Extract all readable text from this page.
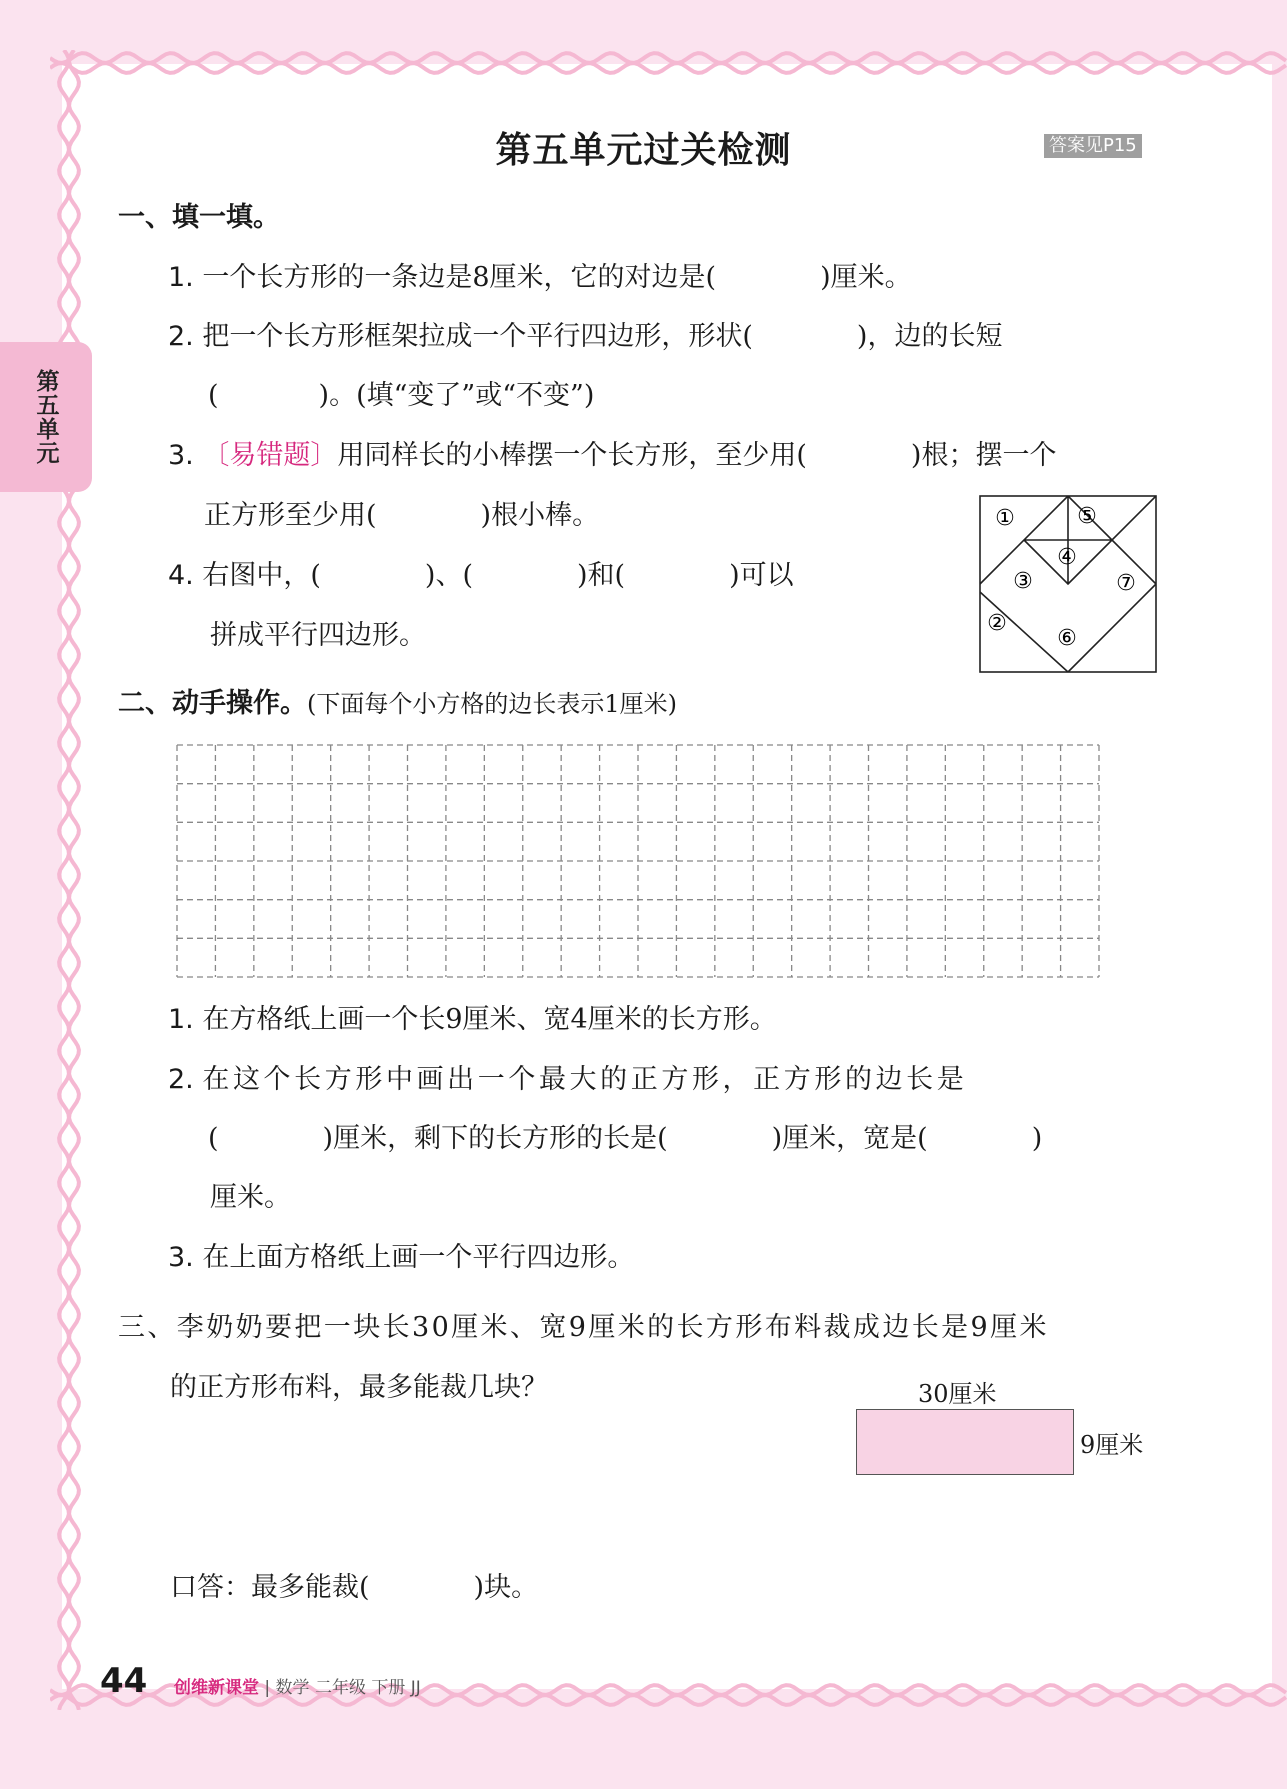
第五单元
第五单元过关检测	答案见P15
一、填一填。
1. 一个长方形的一条边是8厘米，它的对边是(	)厘米。
2. 把一个长方形框架拉成一个平行四边形，形状(	)，边的长短
(	)。(填“变了”或“不变”)
3. 〔易错题〕用同样长的小棒摆一个长方形，至少用(	)根；摆一个
正方形至少用(	)根小棒。
4. 右图中，(	)、(	)和(	)可以
拼成平行四边形。
①
②
③
④
⑤
⑥
⑦
二、动手操作。(下面每个小方格的边长表示1厘米)
1. 在方格纸上画一个长9厘米、宽4厘米的长方形。
2. 在这个长方形中画出一个最大的正方形，正方形的边长是
(	)厘米，剩下的长方形的长是(	)厘米，宽是(	)
厘米。
3. 在上面方格纸上画一个平行四边形。
三、李奶奶要把一块长30厘米、宽9厘米的长方形布料裁成边长是9厘米
的正方形布料，最多能裁几块？	30厘米
9厘米
口答：最多能裁(	)块。
44 创维新课堂 | 数学 二年级 下册 JJ
